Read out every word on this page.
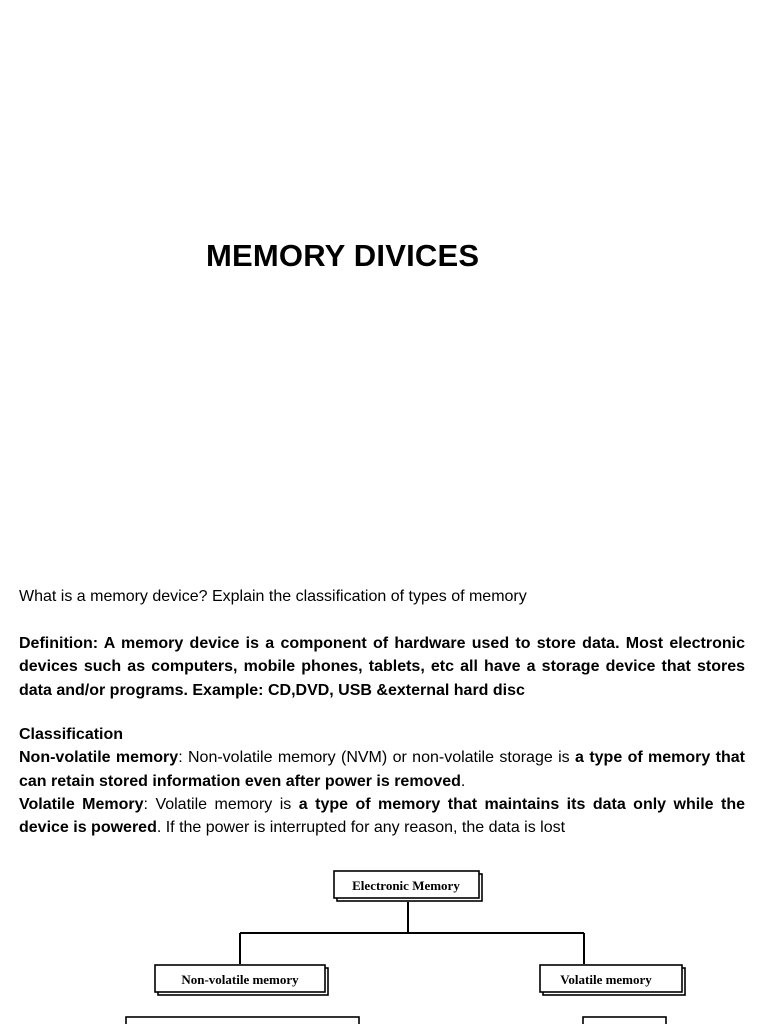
MEMORY DIVICES
What is a memory device? Explain the classification of types of memory
Definition: A memory device is a component of hardware used to store data. Most electronic devices such as computers, mobile phones, tablets, etc all have a storage device that stores data and/or programs. Example: CD,DVD, USB &external hard disc

Classification

Non-volatile memory: Non-volatile memory (NVM) or non-volatile storage is a type of memory that can retain stored information even after power is removed.

Volatile Memory: Volatile memory is a type of memory that maintains its data only while the device is powered. If the power is interrupted for any reason, the data is lost

Electronic Memory
Non-volatile memory	Volatile memory
